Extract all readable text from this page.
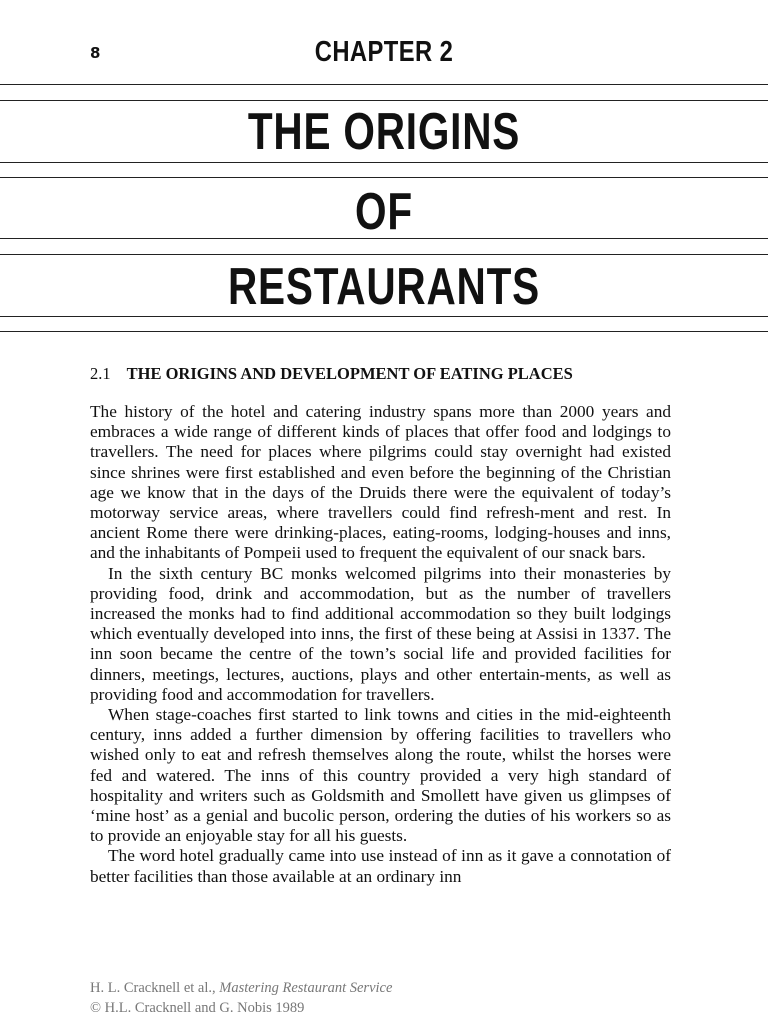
8	CHAPTER 2
THE ORIGINS
OF
RESTAURANTS
2.1 THE ORIGINS AND DEVELOPMENT OF EATING PLACES

The history of the hotel and catering industry spans more than 2000 years and embraces a wide range of different kinds of places that offer food and lodgings to travellers. The need for places where pilgrims could stay overnight had existed since shrines were first established and even before the beginning of the Christian age we know that in the days of the Druids there were the equivalent of today’s motorway service areas, where travellers could find refresh-ment and rest. In ancient Rome there were drinking-places, eating-rooms, lodging-houses and inns, and the inhabitants of Pompeii used to frequent the equivalent of our snack bars.

In the sixth century BC monks welcomed pilgrims into their monasteries by providing food, drink and accommodation, but as the number of travellers increased the monks had to find additional accommodation so they built lodgings which eventually developed into inns, the first of these being at Assisi in 1337. The inn soon became the centre of the town’s social life and provided facilities for dinners, meetings, lectures, auctions, plays and other entertain-ments, as well as providing food and accommodation for travellers.

When stage-coaches first started to link towns and cities in the mid-eighteenth century, inns added a further dimension by offering facilities to travellers who wished only to eat and refresh themselves along the route, whilst the horses were fed and watered. The inns of this country provided a very high standard of hospitality and writers such as Goldsmith and Smollett have given us glimpses of ‘mine host’ as a genial and bucolic person, ordering the duties of his workers so as to provide an enjoyable stay for all his guests.

The word hotel gradually came into use instead of inn as it gave a connotation of better facilities than those available at an ordinary inn

H. L. Cracknell et al., Mastering Restaurant Service
© H.L. Cracknell and G. Nobis 1989
